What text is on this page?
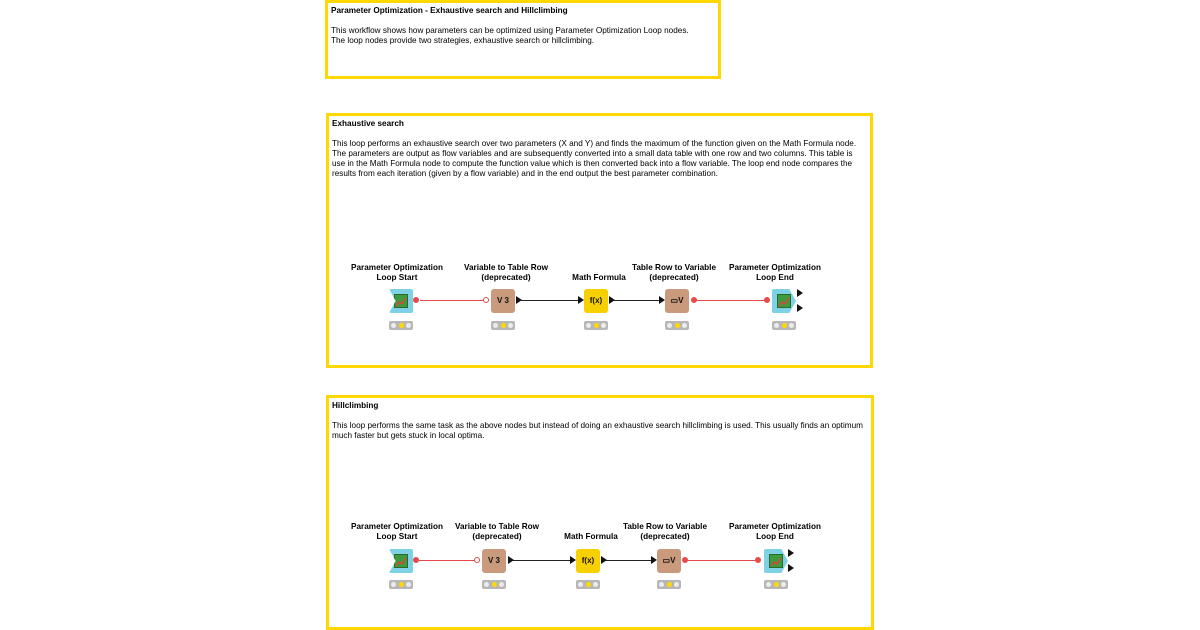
Parameter Optimization - Exhaustive search and Hillclimbing
This workflow shows how parameters can be optimized using Parameter Optimization Loop nodes.
The loop nodes provide two strategies, exhaustive search or hillclimbing.
Exhaustive search
This loop performs an exhaustive search over two parameters (X and Y) and finds the maximum of the function given on the Math Formula node. The parameters are output as flow variables and are subsequently converted into a small data table with one row and two columns. This table is use in the Math Formula node to compute the function value which is then converted back into a flow variable. The loop end node compares the results from each iteration (given by a flow variable) and in the end output the best parameter combination.
Hillclimbing
This loop performs the same task as the above nodes but instead of doing an exhaustive search hillclimbing is used. This usually finds an optimum much faster but gets stuck in local optima.
Parameter Optimization Loop Start
V 3
Variable to Table Row (deprecated)
f(x)
Math Formula
▭V
Table Row to Variable (deprecated)
Parameter Optimization Loop End
Parameter Optimization Loop Start
V 3
Variable to Table Row (deprecated)
f(x)
Math Formula
▭V
Table Row to Variable (deprecated)
Parameter Optimization Loop End
